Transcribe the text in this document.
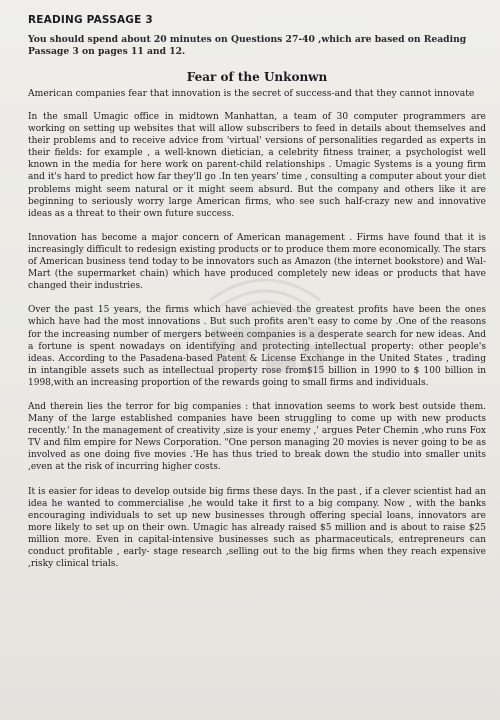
READING PASSAGE 3
You should spend about 20 minutes on Questions 27-40 ,which are based on Reading Passage 3 on pages 11 and 12.
Fear of the Unkonwn
American companies fear that innovation is the secret of success-and that they cannot innovate

In the small Umagic office in midtown Manhattan, a team of 30 computer programmers are working on setting up websites that will allow subscribers to feed in details about themselves and their problems and to receive advice from 'virtual' versions of personalities regarded as experts in their fields: for example , a well-known dietician, a celebrity fitness trainer, a psychologist well known in the media for here work on parent-child relationships . Umagic Systems is a young firm and it's hard to predict how far they'll go .In ten years' time , consulting a computer about your diet problems might seem natural or it might seem absurd. But the company and others like it are beginning to seriously worry large American firms, who see such half-crazy new and innovative ideas as a threat to their own future success.

Innovation has become a major concern of American management . Firms have found that it is increasingly difficult to redesign existing products or to produce them more economically. The stars of American business tend today to be innovators such as Amazon (the internet bookstore) and Wal-Mart (the supermarket chain) which have produced completely new ideas or products that have changed their industries.

Over the past 15 years, the firms which have achieved the greatest profits have been the ones which have had the most innovations . But such profits aren't easy to come by .One of the reasons for the increasing number of mergers between companies is a desperate search for new ideas. And a fortune is spent nowadays on identifying and protecting intellectual property: other people's ideas. According to the Pasadena-based Patent & License Exchange in the United States , trading in intangible assets such as intellectual property rose from$15 billion in 1990 to $ 100 billion in 1998,with an increasing proportion of the rewards going to small firms and individuals.

And therein lies the terror for big companies : that innovation seems to work best outside them. Many of the large established companies have been struggling to come up with new products recently.' In the management of creativity ,size is your enemy ,' argues Peter Chemin ,who runs Fox TV and film empire for News Corporation. "One person managing 20 movies is never going to be as involved as one doing five movies .'He has thus tried to break down the studio into smaller units ,even at the risk of incurring higher costs.

It is easier for ideas to develop outside big firms these days. In the past , if a clever scientist had an idea he wanted to commercialise ,he would take it first to a big company. Now , with the banks encouraging individuals to set up new businesses through offering special loans, innovators are more likely to set up on their own. Umagic has already raised $5 million and is about to raise $25 million more. Even in capital-intensive businesses such as pharmaceuticals, entrepreneurs can conduct profitable , early- stage research ,selling out to the big firms when they reach expensive ,risky clinical trials.
